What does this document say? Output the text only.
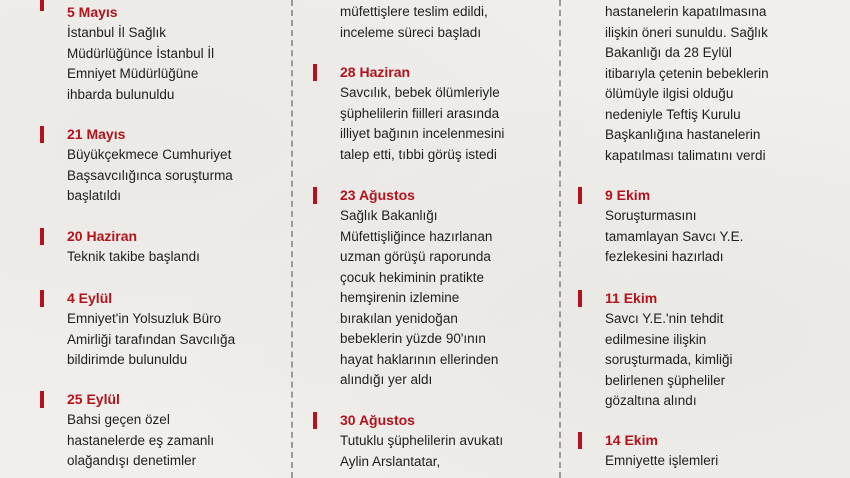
5 Mayıs
İstanbul İl Sağlık
Müdürlüğünce İstanbul İl
Emniyet Müdürlüğüne
ihbarda bulunuldu
21 Mayıs
Büyükçekmece Cumhuriyet
Başsavcılığınca soruşturma
başlatıldı
20 Haziran
Teknik takibe başlandı
4 Eylül
Emniyet'in Yolsuzluk Büro
Amirliği tarafından Savcılığa
bildirimde bulunuldu
25 Eylül
Bahsi geçen özel
hastanelerde eş zamanlı
olağandışı denetimler
müfettişlere teslim edildi,
inceleme süreci başladı
28 Haziran
Savcılık, bebek ölümleriyle
şüphelilerin fiilleri arasında
illiyet bağının incelenmesini
talep etti, tıbbi görüş istedi
23 Ağustos
Sağlık Bakanlığı
Müfettişliğince hazırlanan
uzman görüşü raporunda
çocuk hekiminin pratikte
hemşirenin izlemine
bırakılan yenidoğan
bebeklerin yüzde 90'ının
hayat haklarının ellerinden
alındığı yer aldı
30 Ağustos
Tutuklu şüphelilerin avukatı
Aylin Arslantatar,
hastanelerin kapatılmasına
ilişkin öneri sunuldu. Sağlık
Bakanlığı da 28 Eylül
itibarıyla çetenin bebeklerin
ölümüyle ilgisi olduğu
nedeniyle Teftiş Kurulu
Başkanlığına hastanelerin
kapatılması talimatını verdi
9 Ekim
Soruşturmasını
tamamlayan Savcı Y.E.
fezlekesini hazırladı
11 Ekim
Savcı Y.E.'nin tehdit
edilmesine ilişkin
soruşturmada, kimliği
belirlenen şüpheliler
gözaltına alındı
14 Ekim
Emniyette işlemleri
